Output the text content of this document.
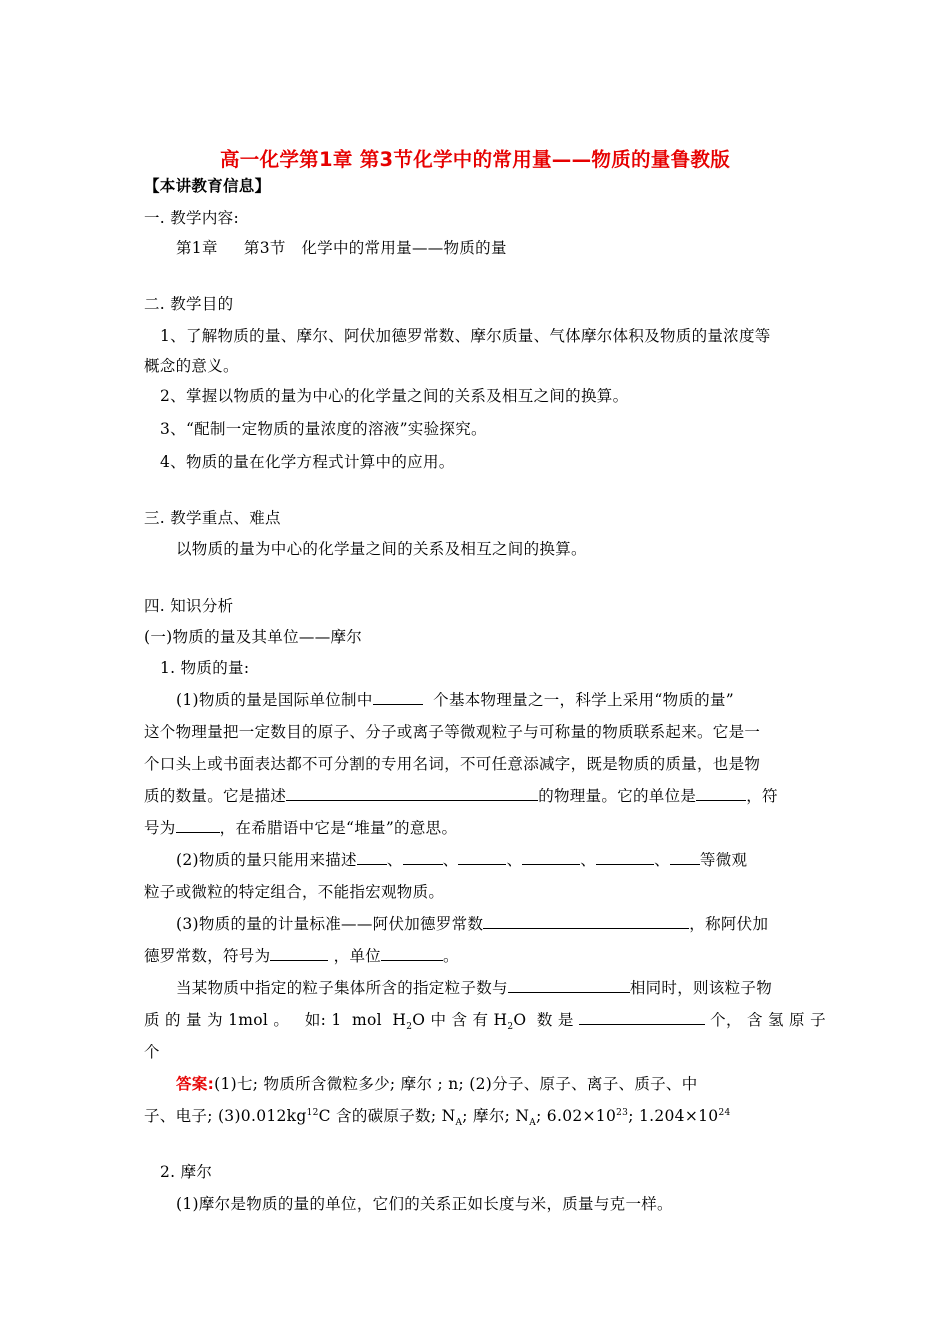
高一化学第1章 第3节化学中的常用量——物质的量鲁教版
【本讲教育信息】
一. 教学内容:
第1章     第3节   化学中的常用量——物质的量
二. 教学目的
1、了解物质的量、摩尔、阿伏加德罗常数、摩尔质量、气体摩尔体积及物质的量浓度等
概念的意义。
2、掌握以物质的量为中心的化学量之间的关系及相互之间的换算。
3、“配制一定物质的量浓度的溶液”实验探究。
4、物质的量在化学方程式计算中的应用。
三. 教学重点、难点
以物质的量为中心的化学量之间的关系及相互之间的换算。
四. 知识分析
(一)物质的量及其单位——摩尔
1. 物质的量:
(1)物质的量是国际单位制中	个基本物理量之一，科学上采用“物质的量”
这个物理量把一定数目的原子、分子或离子等微观粒子与可称量的物质联系起来。它是一
个口头上或书面表达都不可分割的专用名词，不可任意添减字，既是物质的质量，也是物
质的数量。它是描述	的物理量。它的单位是	，符
号为	，在希腊语中它是“堆量”的意思。
(2)物质的量只能用来描述 、	、	、	、	、 等微观
粒子或微粒的特定组合，不能指宏观物质。
(3)物质的量的计量标准——阿伏加德罗常数	，称阿伏加
德罗常数，符号为	，单位	。
当某物质中指定的粒子集体所含的指定粒子数与	相同时，则该粒子物
质 的 量 为 1mol 。   如: 1  mol  $H_2O$ 中 含 有 $H_2O$  数 是	个， 含 氢 原 子
个
答案:(1)七; 物质所含微粒多少; 摩尔 ; n; (2)分子、原子、离子、质子、中
子、电子; $(3)0.012kg^{12}C$ 含的碳原子数; $N_A$; 摩尔; $N_A$; $6.02\times 10^{23}$; $1.204\times 10^{24}$
2. 摩尔
(1)摩尔是物质的量的单位，它们的关系正如长度与米，质量与克一样。
